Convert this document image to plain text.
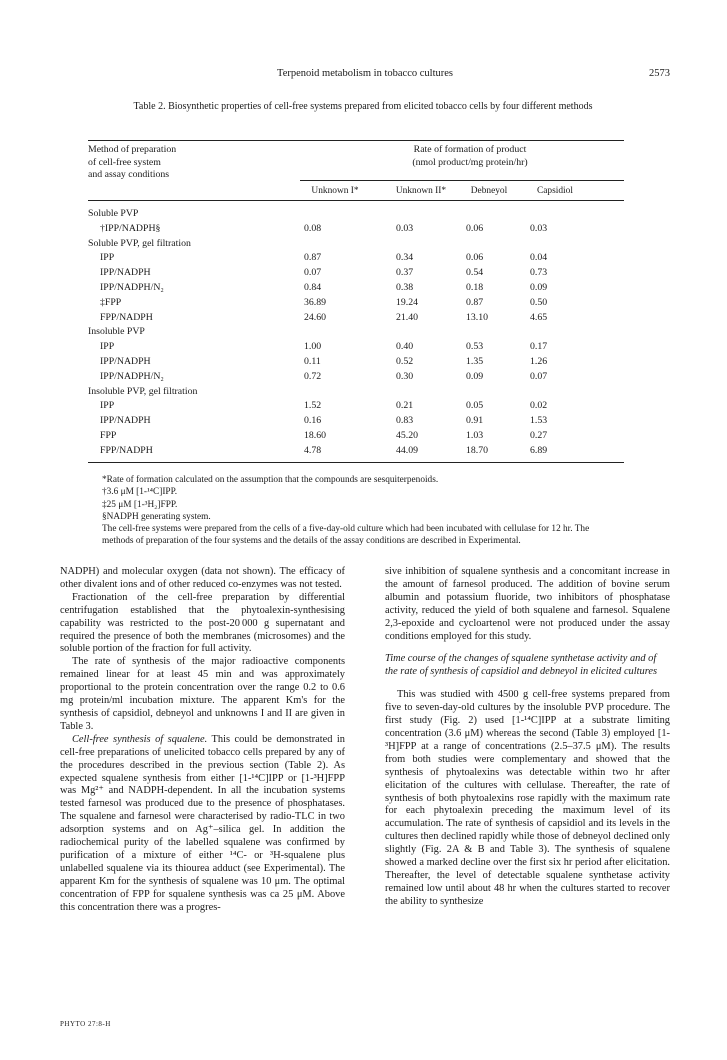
Terpenoid metabolism in tobacco cultures	2573
Table 2. Biosynthetic properties of cell-free systems prepared from elicited tobacco cells by four different methods
Method of preparation
of cell-free system
and assay conditions
Rate of formation of product
(nmol product/mg protein/hr)
Unknown I*	Unknown II*	Debneyol	Capsidiol
Soluble PVP
†IPP/NADPH§	0.08	0.03	0.06	0.03
Soluble PVP, gel filtration
IPP	0.87	0.34	0.06	0.04
IPP/NADPH	0.07	0.37	0.54	0.73
IPP/NADPH/N₂	0.84	0.38	0.18	0.09
‡FPP	36.89	19.24	0.87	0.50
FPP/NADPH	24.60	21.40	13.10	4.65
Insoluble PVP
IPP	1.00	0.40	0.53	0.17
IPP/NADPH	0.11	0.52	1.35	1.26
IPP/NADPH/N₂	0.72	0.30	0.09	0.07
Insoluble PVP, gel filtration
IPP	1.52	0.21	0.05	0.02
IPP/NADPH	0.16	0.83	0.91	1.53
FPP	18.60	45.20	1.03	0.27
FPP/NADPH	4.78	44.09	18.70	6.89

*Rate of formation calculated on the assumption that the compounds are sesquiterpenoids.

†3.6 μM [1-¹⁴C]IPP.

‡25 μM [1-³H₂]FPP.

§NADPH generating system.

The cell-free systems were prepared from the cells of a five-day-old culture which had been incubated with cellulase for 12 hr. The methods of preparation of the four systems and the details of the assay conditions are described in Experimental.

NADPH) and molecular oxygen (data not shown). The efficacy of other divalent ions and of other reduced co-enzymes was not tested.

Fractionation of the cell-free preparation by differential centrifugation established that the phytoalexin-synthesising capability was restricted to the post-20 000 g supernatant and required the presence of both the membranes (microsomes) and the soluble portion of the fraction for full activity.

The rate of synthesis of the major radioactive components remained linear for at least 45 min and was approximately proportional to the protein concentration over the range 0.2 to 0.6 mg protein/ml incubation mixture. The apparent Km's for the synthesis of capsidiol, debneyol and unknowns I and II are given in Table 3.

Cell-free synthesis of squalene. This could be demonstrated in cell-free preparations of unelicited tobacco cells prepared by any of the procedures described in the previous section (Table 2). As expected squalene synthesis from either [1-¹⁴C]IPP or [1-³H]FPP was Mg²⁺ and NADPH-dependent. In all the incubation systems tested farnesol was produced due to the presence of phosphatases. The squalene and farnesol were characterised by radio-TLC in two adsorption systems and on Ag⁺–silica gel. In addition the radiochemical purity of the labelled squalene was confirmed by purification of a mixture of either ¹⁴C- or ³H-squalene plus unlabelled squalene via its thiourea adduct (see Experimental). The apparent Km for the synthesis of squalene was 10 μm. The optimal concentration of FPP for squalene synthesis was ca 25 μM. Above this concentration there was a progres-

sive inhibition of squalene synthesis and a concomitant increase in the amount of farnesol produced. The addition of bovine serum albumin and potassium fluoride, two inhibitors of phosphatase activity, reduced the yield of both squalene and farnesol. Squalene 2,3-epoxide and cycloartenol were not produced under the assay conditions employed for this study.

Time course of the changes of squalene synthetase activity and of the rate of synthesis of capsidiol and debneyol in elicited cultures

This was studied with 4500 g cell-free systems prepared from five to seven-day-old cultures by the insoluble PVP procedure. The first study (Fig. 2) used [1-¹⁴C]IPP at a substrate limiting concentration (3.6 μM) whereas the second (Table 3) employed [1-³H]FPP at a range of concentrations (2.5–37.5 μM). The results from both studies were complementary and showed that the synthesis of phytoalexins was detectable within two hr after elicitation of the cultures with cellulase. Thereafter, the rate of synthesis of both phytoalexins rose rapidly with the maximum rate for each phytoalexin preceding the maximum level of its accumulation. The rate of synthesis of capsidiol and its levels in the cultures then declined rapidly while those of debneyol declined only slightly (Fig. 2A & B and Table 3). The synthesis of squalene showed a marked decline over the first six hr period after elicitation. Thereafter, the level of detectable squalene synthetase activity remained low until about 48 hr when the cultures started to recover the ability to synthesize

PHYTO 27:8-H
